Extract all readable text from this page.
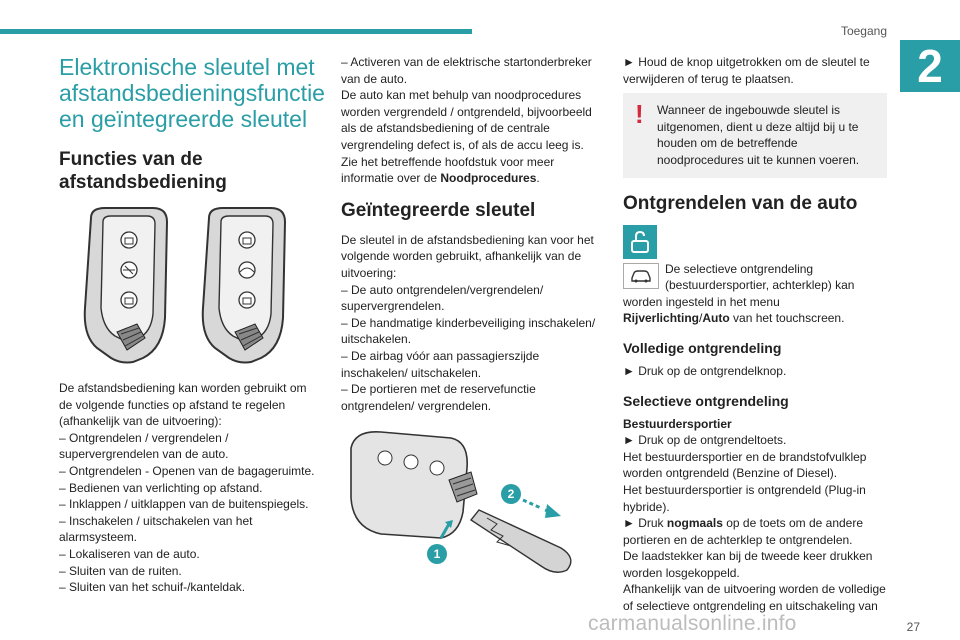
Toegang
2
Elektronische sleutel met afstandsbedieningsfunctie en geïntegreerde sleutel
Functies van de afstandsbediening

De afstandsbediening kan worden gebruikt om de volgende functies op afstand te regelen (afhankelijk van de uitvoering):

– Ontgrendelen / vergrendelen / supervergrendelen van de auto.

– Ontgrendelen - Openen van de bagageruimte.

– Bedienen van verlichting op afstand.

– Inklappen / uitklappen van de buitenspiegels.

– Inschakelen / uitschakelen van het alarmsysteem.

– Lokaliseren van de auto.

– Sluiten van de ruiten.

– Sluiten van het schuif-/kanteldak.

– Activeren van de elektrische startonderbreker van de auto.

De auto kan met behulp van noodprocedures worden vergrendeld / ontgrendeld, bijvoorbeeld als de afstandsbediening of de centrale vergrendeling defect is, of als de accu leeg is. Zie het betreffende hoofdstuk voor meer informatie over de Noodprocedures.

Geïntegreerde sleutel

De sleutel in de afstandsbediening kan voor het volgende worden gebruikt, afhankelijk van de uitvoering:

– De auto ontgrendelen/vergrendelen/ supervergrendelen.

– De handmatige kinderbeveiliging inschakelen/ uitschakelen.

– De airbag vóór aan passagierszijde inschakelen/ uitschakelen.

– De portieren met de reservefunctie ontgrendelen/ vergrendelen.

1
2

► Houd de knop uitgetrokken om de sleutel te verwijderen of terug te plaatsen.

!	Wanneer de ingebouwde sleutel is uitgenomen, dient u deze altijd bij u te houden om de betreffende noodprocedures uit te kunnen voeren.

Ontgrendelen van de auto

De selectieve ontgrendeling (bestuurdersportier, achterklep) kan worden ingesteld in het menu Rijverlichting/Auto van het touchscreen.

Volledige ontgrendeling

► Druk op de ontgrendelknop.

Selectieve ontgrendeling

Bestuurdersportier

► Druk op de ontgrendeltoets.

Het bestuurdersportier en de brandstofvulklep worden ontgrendeld (Benzine of Diesel).

Het bestuurdersportier is ontgrendeld (Plug-in hybride).

► Druk nogmaals op de toets om de andere portieren en de achterklep te ontgrendelen.

De laadstekker kan bij de tweede keer drukken worden losgekoppeld.

Afhankelijk van de uitvoering worden de volledige of selectieve ontgrendeling en uitschakeling van

27
carmanualsonline.info
